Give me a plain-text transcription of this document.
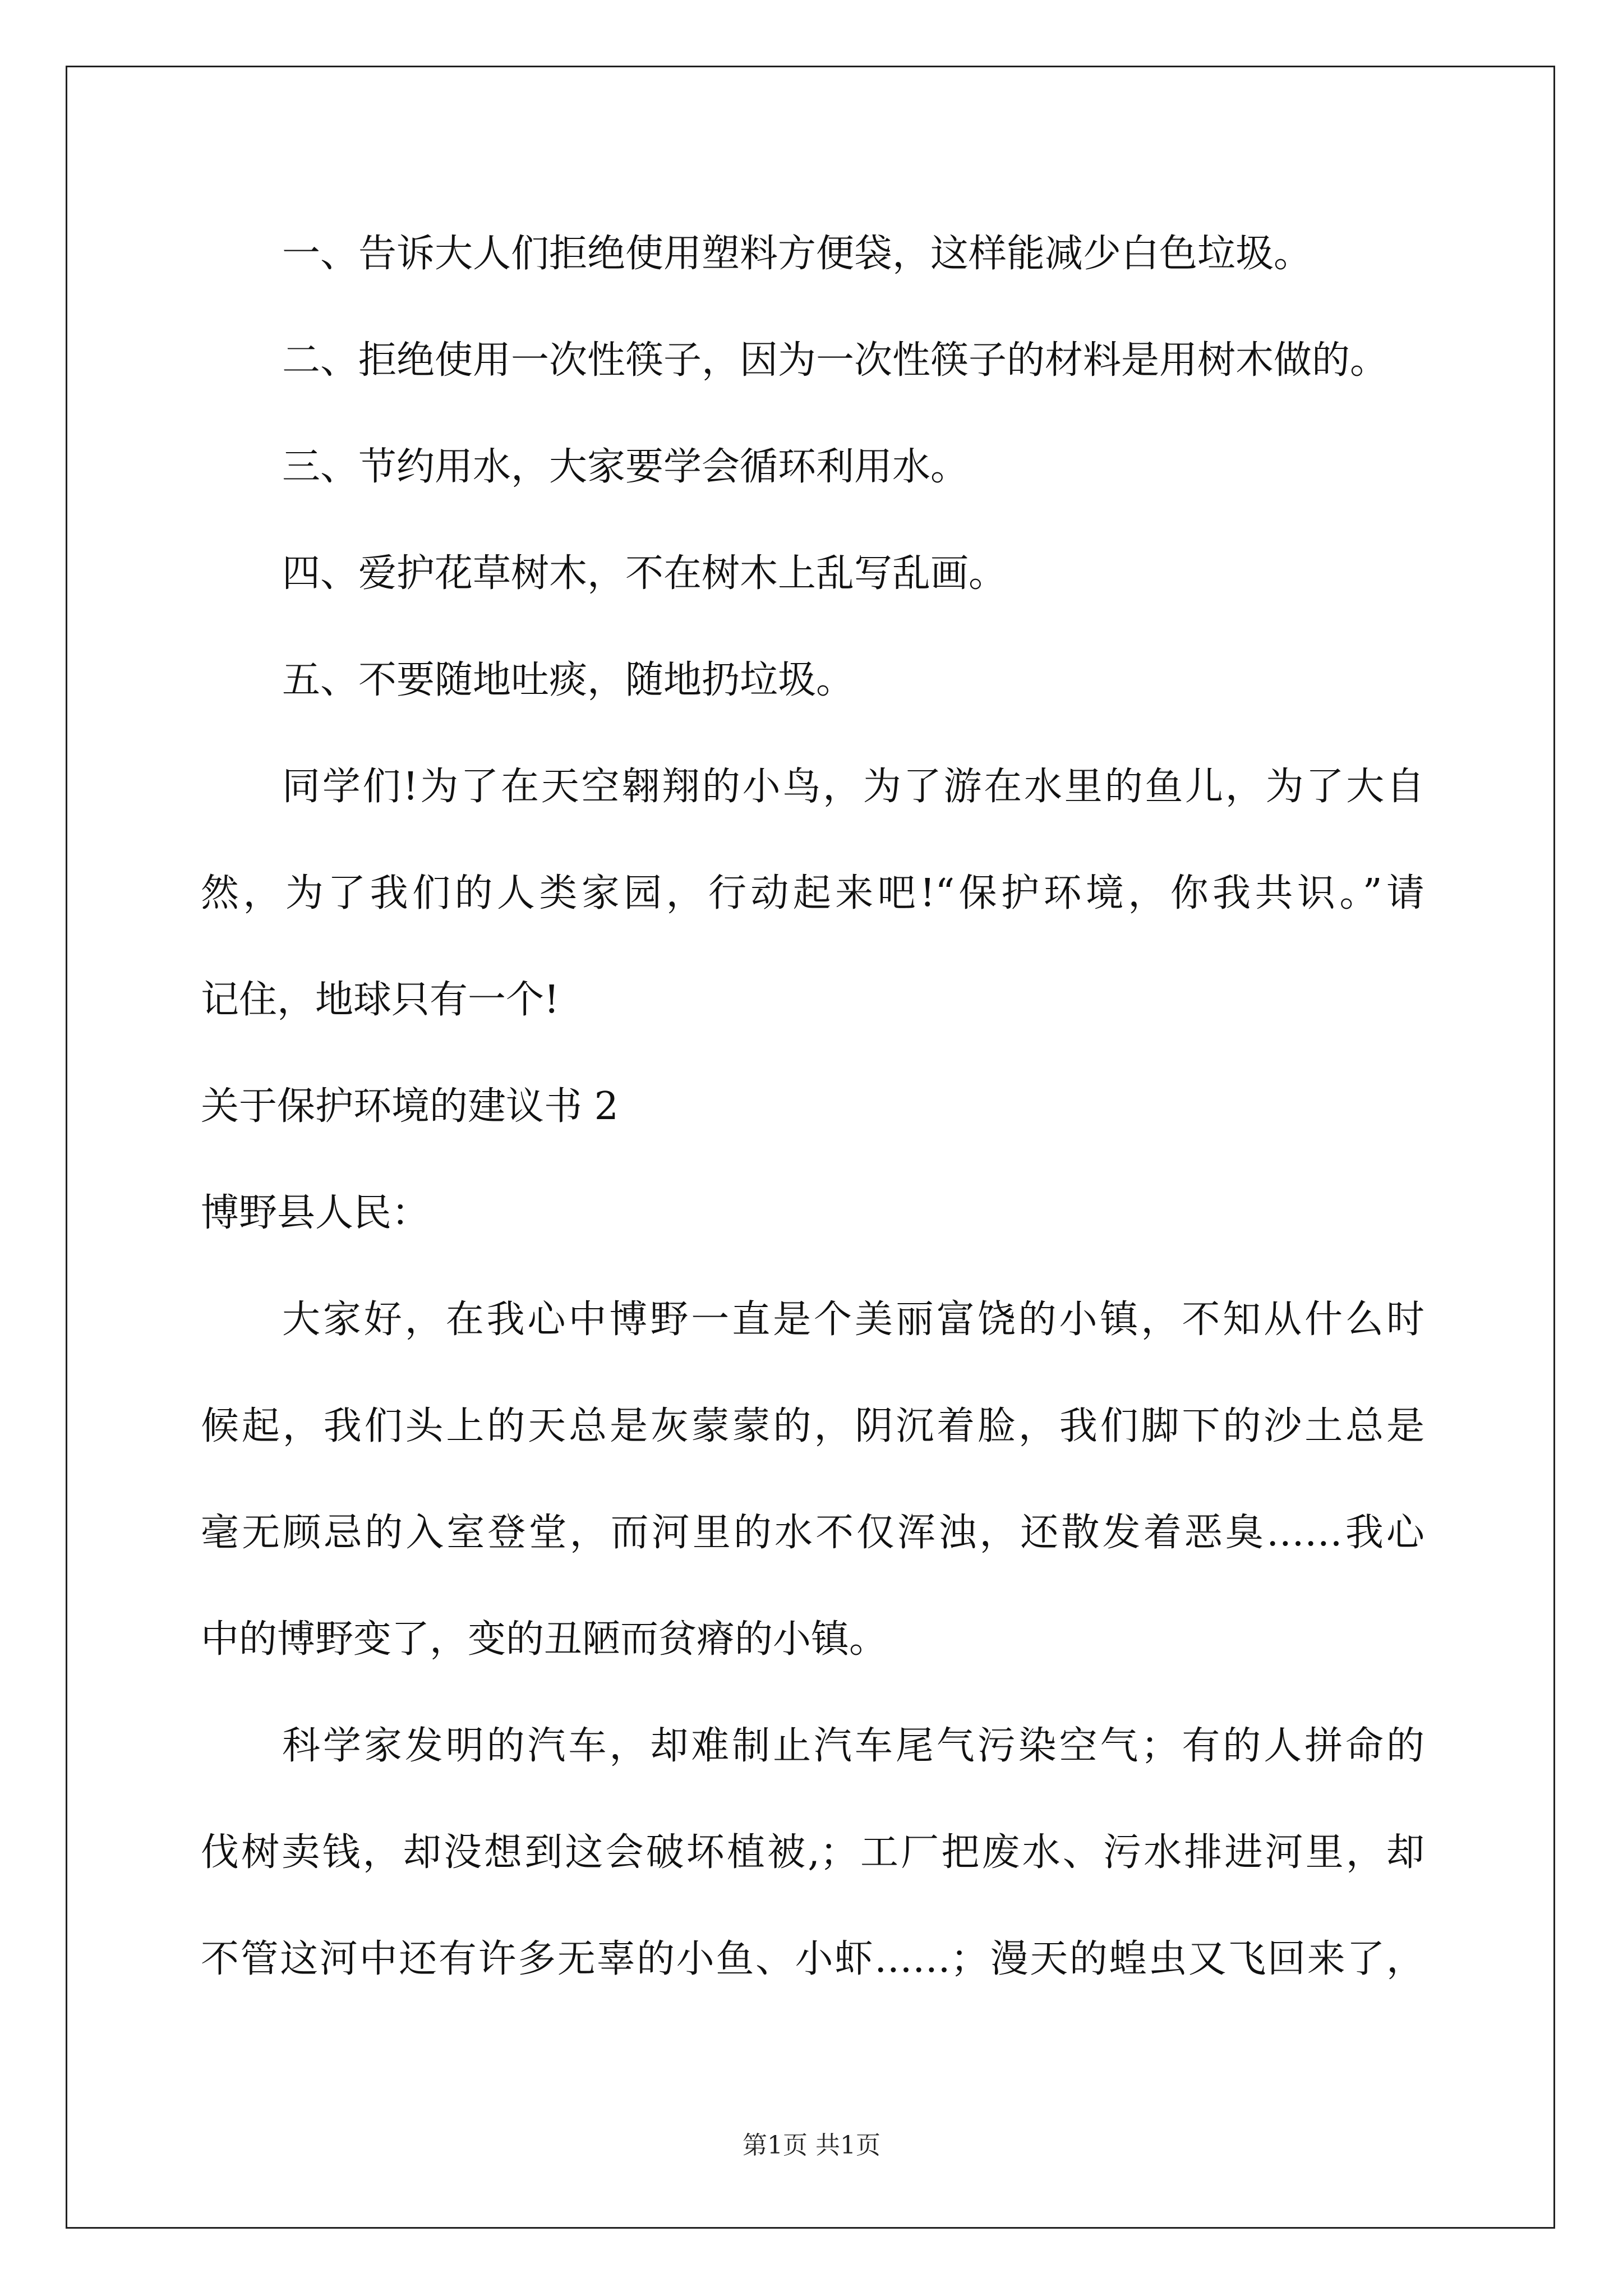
一、告诉大人们拒绝使用塑料方便袋，这样能减少白色垃圾。
二、拒绝使用一次性筷子，因为一次性筷子的材料是用树木做的。
三、节约用水，大家要学会循环利用水。
四、爱护花草树木，不在树木上乱写乱画。
五、不要随地吐痰，随地扔垃圾。
同学们!为了在天空翱翔的小鸟，为了游在水里的鱼儿，为了大自
然，为了我们的人类家园，行动起来吧!“保护环境，你我共识。”请
记住，地球只有一个!
关于保护环境的建议书 2
博野县人民：
大家好，在我心中博野一直是个美丽富饶的小镇，不知从什么时
候起，我们头上的天总是灰蒙蒙的，阴沉着脸，我们脚下的沙土总是
毫无顾忌的入室登堂，而河里的水不仅浑浊，还散发着恶臭……我心
中的博野变了，变的丑陋而贫瘠的小镇。
科学家发明的汽车，却难制止汽车尾气污染空气；有的人拼命的
伐树卖钱，却没想到这会破坏植被,；工厂把废水、污水排进河里，却
不管这河中还有许多无辜的小鱼、小虾……；漫天的蝗虫又飞回来了，
第1页 共1页
